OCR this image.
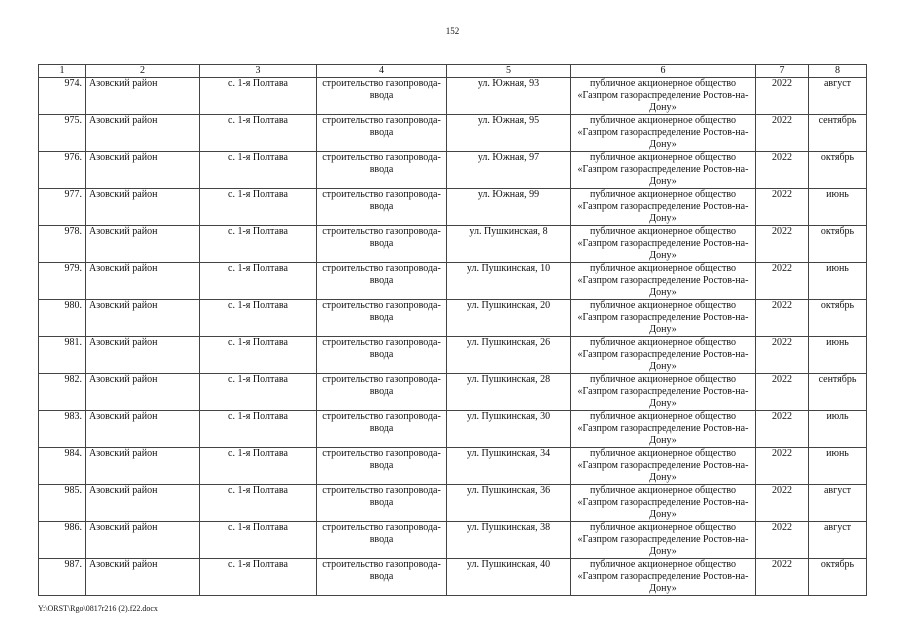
152
1	2	3	4	5	6	7	8
974.	Азовский район	с. 1-я Полтава	строительство газопровода-ввода	ул. Южная, 93	публичное акционерное общество «Газпром газораспределение Ростов-на-Дону»	2022	август
975.	Азовский район	с. 1-я Полтава	строительство газопровода-ввода	ул. Южная, 95	публичное акционерное общество «Газпром газораспределение Ростов-на-Дону»	2022	сентябрь
976.	Азовский район	с. 1-я Полтава	строительство газопровода-ввода	ул. Южная, 97	публичное акционерное общество «Газпром газораспределение Ростов-на-Дону»	2022	октябрь
977.	Азовский район	с. 1-я Полтава	строительство газопровода-ввода	ул. Южная, 99	публичное акционерное общество «Газпром газораспределение Ростов-на-Дону»	2022	июнь
978.	Азовский район	с. 1-я Полтава	строительство газопровода-ввода	ул. Пушкинская, 8	публичное акционерное общество «Газпром газораспределение Ростов-на-Дону»	2022	октябрь
979.	Азовский район	с. 1-я Полтава	строительство газопровода-ввода	ул. Пушкинская, 10	публичное акционерное общество «Газпром газораспределение Ростов-на-Дону»	2022	июнь
980.	Азовский район	с. 1-я Полтава	строительство газопровода-ввода	ул. Пушкинская, 20	публичное акционерное общество «Газпром газораспределение Ростов-на-Дону»	2022	октябрь
981.	Азовский район	с. 1-я Полтава	строительство газопровода-ввода	ул. Пушкинская, 26	публичное акционерное общество «Газпром газораспределение Ростов-на-Дону»	2022	июнь
982.	Азовский район	с. 1-я Полтава	строительство газопровода-ввода	ул. Пушкинская, 28	публичное акционерное общество «Газпром газораспределение Ростов-на-Дону»	2022	сентябрь
983.	Азовский район	с. 1-я Полтава	строительство газопровода-ввода	ул. Пушкинская, 30	публичное акционерное общество «Газпром газораспределение Ростов-на-Дону»	2022	июль
984.	Азовский район	с. 1-я Полтава	строительство газопровода-ввода	ул. Пушкинская, 34	публичное акционерное общество «Газпром газораспределение Ростов-на-Дону»	2022	июнь
985.	Азовский район	с. 1-я Полтава	строительство газопровода-ввода	ул. Пушкинская, 36	публичное акционерное общество «Газпром газораспределение Ростов-на-Дону»	2022	август
986.	Азовский район	с. 1-я Полтава	строительство газопровода-ввода	ул. Пушкинская, 38	публичное акционерное общество «Газпром газораспределение Ростов-на-Дону»	2022	август
987.	Азовский район	с. 1-я Полтава	строительство газопровода-ввода	ул. Пушкинская, 40	публичное акционерное общество «Газпром газораспределение Ростов-на-Дону»	2022	октябрь
Y:\ORST\Rgo\0817r216 (2).f22.docx
